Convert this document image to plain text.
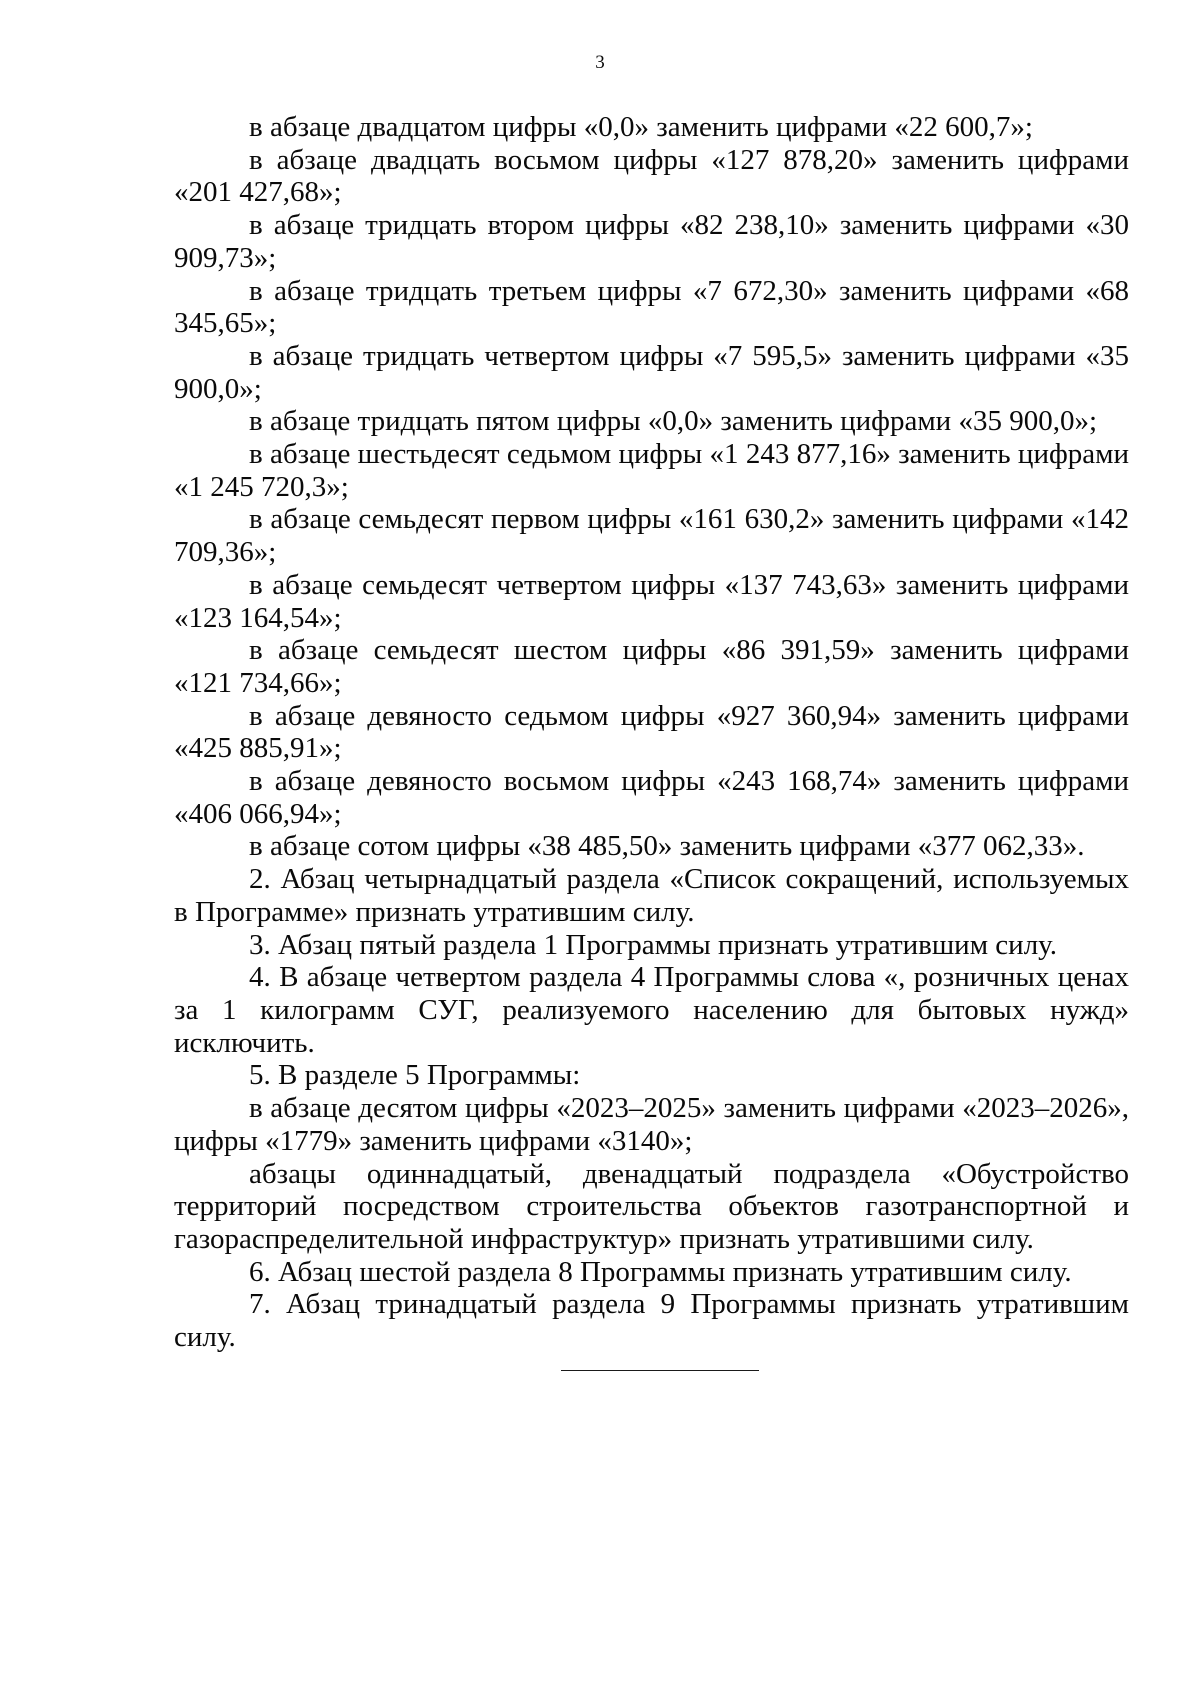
3

в абзаце двадцатом цифры «0,0» заменить цифрами «22 600,7»;

в абзаце двадцать восьмом цифры «127 878,20» заменить цифрами «201 427,68»;

в абзаце тридцать втором цифры «82 238,10» заменить цифрами «30 909,73»;

в абзаце тридцать третьем цифры «7 672,30» заменить цифрами «68 345,65»;

в абзаце тридцать четвертом цифры «7 595,5» заменить цифрами «35 900,0»;

в абзаце тридцать пятом цифры «0,0» заменить цифрами «35 900,0»;

в абзаце шестьдесят седьмом цифры «1 243 877,16» заменить цифрами «1 245 720,3»;

в абзаце семьдесят первом цифры «161 630,2» заменить цифрами «142 709,36»;

в абзаце семьдесят четвертом цифры «137 743,63» заменить цифрами «123 164,54»;

в абзаце семьдесят шестом цифры «86 391,59» заменить цифрами «121 734,66»;

в абзаце девяносто седьмом цифры «927 360,94» заменить цифрами «425 885,91»;

в абзаце девяносто восьмом цифры «243 168,74» заменить цифрами «406 066,94»;

в абзаце сотом цифры «38 485,50» заменить цифрами «377 062,33».

2. Абзац четырнадцатый раздела «Список сокращений, используемых в Программе» признать утратившим силу.

3. Абзац пятый раздела 1 Программы признать утратившим силу.

4. В абзаце четвертом раздела 4 Программы слова «, розничных ценах за 1 килограмм СУГ, реализуемого населению для бытовых нужд» исключить.

5. В разделе 5 Программы:

в абзаце десятом цифры «2023–2025» заменить цифрами «2023–2026», цифры «1779» заменить цифрами «3140»;

абзацы одиннадцатый, двенадцатый подраздела «Обустройство территорий посредством строительства объектов газотранспортной и газораспределительной инфраструктур» признать утратившими силу.

6. Абзац шестой раздела 8 Программы признать утратившим силу.

7. Абзац тринадцатый раздела 9 Программы признать утратившим силу.
